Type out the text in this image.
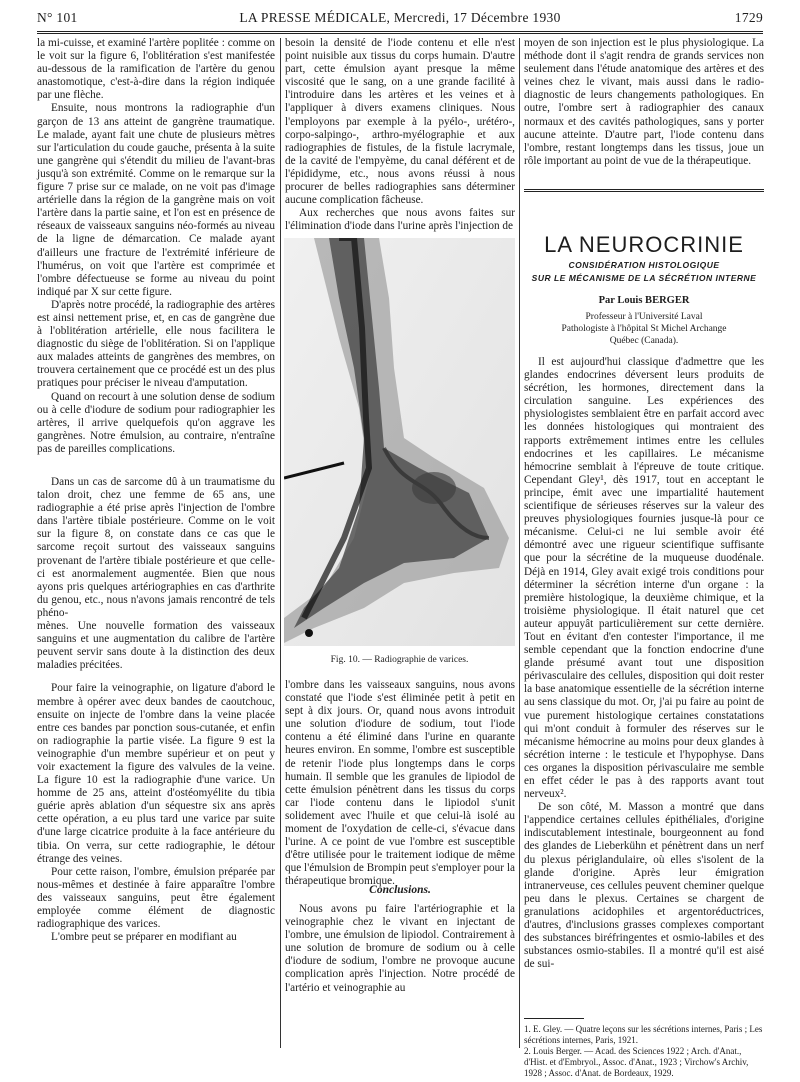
N° 101	LA PRESSE MÉDICALE, Mercredi, 17 Décembre 1930	1729

la mi-cuisse, et examiné l'artère poplitée : comme on le voit sur la figure 6, l'oblitération s'est manifestée au-dessous de la ramification de l'artère du genou anastomotique, c'est-à-dire dans la région indiquée par une flèche.

Ensuite, nous montrons la radiographie d'un garçon de 13 ans atteint de gangrène traumatique. Le malade, ayant fait une chute de plusieurs mètres sur l'articulation du coude gauche, présenta à la suite une gangrène qui s'étendit du milieu de l'avant-bras jusqu'à son extrémité. Comme on le remarque sur la figure 7 prise sur ce malade, on ne voit pas d'image artérielle dans la région de la gangrène mais on voit l'artère dans la partie saine, et l'on est en présence de réseaux de vaisseaux sanguins néo-formés au niveau de la ligne de démarcation. Ce malade ayant d'ailleurs une fracture de l'extrémité inférieure de l'humérus, on voit que l'artère est comprimée et l'ombre défectueuse se forme au niveau du point indiqué par X sur cette figure.

D'après notre procédé, la radiographie des artères est ainsi nettement prise, et, en cas de gangrène due à l'oblitération artérielle, elle nous facilitera le diagnostic du siège de l'oblitération. Si on l'applique aux malades atteints de gangrènes des membres, on trouvera certainement que ce procédé est un des plus pratiques pour préciser le niveau d'amputation.

Quand on recourt à une solution dense de sodium ou à celle d'iodure de sodium pour radiographier les artères, il arrive quelquefois qu'on aggrave les gangrènes. Notre émulsion, au contraire, n'entraîne pas de pareilles complications.

Dans un cas de sarcome dû à un traumatisme du talon droit, chez une femme de 65 ans, une radiographie a été prise après l'injection de l'ombre dans l'artère tibiale postérieure. Comme on le voit sur la figure 8, on constate dans ce cas que le sarcome reçoit surtout des vaisseaux sanguins provenant de l'artère tibiale postérieure et que celle-ci est anormalement augmentée. Bien que nous ayons pris quelques artériographies en cas d'arthrite du genou, etc., nous n'avons jamais rencontré de tels phéno-

mènes. Une nouvelle formation des vaisseaux sanguins et une augmentation du calibre de l'artère peuvent servir sans doute à la distinction des deux maladies précitées.

Pour faire la veinographie, on ligature d'abord le membre à opérer avec deux bandes de caoutchouc, ensuite on injecte de l'ombre dans la veine placée entre ces bandes par ponction sous-cutanée, et enfin on radiographie la partie visée. La figure 9 est la veinographie d'un membre supérieur et on peut y voir exactement la figure des valvules de la veine. La figure 10 est la radiographie d'une varice. Un homme de 25 ans, atteint d'ostéomyélite du tibia guérie après ablation d'un séquestre six ans après cette opération, a eu plus tard une varice par suite d'une large cicatrice produite à la face antérieure du tibia. On verra, sur cette radiographie, le détour étrange des veines.

Pour cette raison, l'ombre, émulsion préparée par nous-mêmes et destinée à faire apparaître l'ombre des vaisseaux sanguins, peut être également employée comme élément de diagnostic radiographique des varices.

L'ombre peut se préparer en modifiant au

besoin la densité de l'iode contenu et elle n'est point nuisible aux tissus du corps humain. D'autre part, cette émulsion ayant presque la même viscosité que le sang, on a une grande facilité à l'introduire dans les artères et les veines et à l'appliquer à divers examens cliniques. Nous l'employons par exemple à la pyélo-, urétéro-, corpo-salpingo-, arthro-myélographie et aux radiographies de fistules, de la fistule lacrymale, de la cavité de l'empyème, du canal déférent et de l'épididyme, etc., nous avons réussi à nous procurer de belles radiographies sans déterminer aucune complication fâcheuse.

Aux recherches que nous avons faites sur l'élimination d'iode dans l'urine après l'injection de

Fig. 10. — Radiographie de varices.

l'ombre dans les vaisseaux sanguins, nous avons constaté que l'iode s'est éliminée petit à petit en sept à dix jours. Or, quand nous avons introduit une solution d'iodure de sodium, tout l'iode contenu a été éliminé dans l'urine en quarante heures environ. En somme, l'ombre est susceptible de retenir l'iode plus longtemps dans le corps humain. Il semble que les granules de lipiodol de cette émulsion pénètrent dans les tissus du corps car l'iode contenu dans le lipiodol s'unit solidement avec l'huile et que celui-là isolé au moment de l'oxydation de celle-ci, s'évacue dans l'urine. A ce point de vue l'ombre est susceptible d'être utilisée pour le traitement iodique de même que l'émulsion de Brompin peut s'employer pour la thérapeutique bromique.

Conclusions.

Nous avons pu faire l'artériographie et la veinographie chez le vivant en injectant de l'ombre, une émulsion de lipiodol. Contrairement à une solution de bromure de sodium ou à celle d'iodure de sodium, l'ombre ne provoque aucune complication après l'injection. Notre procédé de l'artério et veinographie au

moyen de son injection est le plus physiologique. La méthode dont il s'agit rendra de grands services non seulement dans l'étude anatomique des artères et des veines chez le vivant, mais aussi dans le radio-diagnostic de leurs changements pathologiques. En outre, l'ombre sert à radiographier des canaux normaux et des cavités pathologiques, sans y porter aucune atteinte. D'autre part, l'iode contenu dans l'ombre, restant longtemps dans les tissus, joue un rôle important au point de vue de la thérapeutique.

LA NEUROCRINIE
CONSIDÉRATION HISTOLOGIQUE
SUR LE MÉCANISME DE LA SÉCRÉTION INTERNE
Par Louis BERGER
Professeur à l'Université Laval
Pathologiste à l'hôpital St Michel Archange
Québec (Canada).

Il est aujourd'hui classique d'admettre que les glandes endocrines déversent leurs produits de sécrétion, les hormones, directement dans la circulation sanguine. Les expériences des physiologistes semblaient être en parfait accord avec les données histologiques qui montraient des rapports extrêmement intimes entre les cellules endocrines et les capillaires. Le mécanisme hémocrine semblait à l'épreuve de toute critique. Cependant Gley¹, dès 1917, tout en acceptant le principe, émit avec une impartialité hautement scientifique de sérieuses réserves sur la valeur des preuves physiologiques fournies jusque-là pour ce mécanisme. Celui-ci ne lui semble avoir été démontré avec une rigueur scientifique suffisante que pour la sécrétine de la muqueuse duodénale. Déjà en 1914, Gley avait exigé trois conditions pour déterminer la sécrétion interne d'un organe : la première histologique, la deuxième chimique, et la troisième physiologique. Il était naturel que cet auteur appuyât particulièrement sur cette dernière. Tout en évitant d'en contester l'importance, il me semble cependant que la fonction endocrine d'une glande présumé avant tout une disposition périvasculaire des cellules, disposition qui doit rester la base anatomique essentielle de la sécrétion interne au sens classique du mot. Or, j'ai pu faire au point de vue purement histologique certaines constatations qui m'ont conduit à formuler des réserves sur le mécanisme hémocrine au moins pour deux glandes à sécrétion interne : le testicule et l'hypophyse. Dans ces organes la disposition périvasculaire me semble en effet céder le pas à des rapports avant tout nerveux².

De son côté, M. Masson a montré que dans l'appendice certaines cellules épithéliales, d'origine indiscutablement intestinale, bourgeonnent au fond des glandes de Lieberkühn et pénètrent dans un nerf du plexus périglandulaire, où elles s'isolent de la glande d'origine. Après leur émigration intranerveuse, ces cellules peuvent cheminer quelque peu dans le plexus. Certaines se chargent de granulations acidophiles et argentoréductrices, d'autres, d'inclusions grasses complexes comportant des substances biréfringentes et osmio-labiles et des substances osmio-stabiles. Il a montré qu'il est aisé de sui-

1. E. Gley. — Quatre leçons sur les sécrétions internes, Paris ; Les sécrétions internes, Paris, 1921.

2. Louis Berger. — Acad. des Sciences 1922 ; Arch. d'Anat., d'Hist. et d'Embryol., Assoc. d'Anat., 1923 ; Virchow's Archiv, 1928 ; Assoc. d'Anat. de Bordeaux, 1929.
